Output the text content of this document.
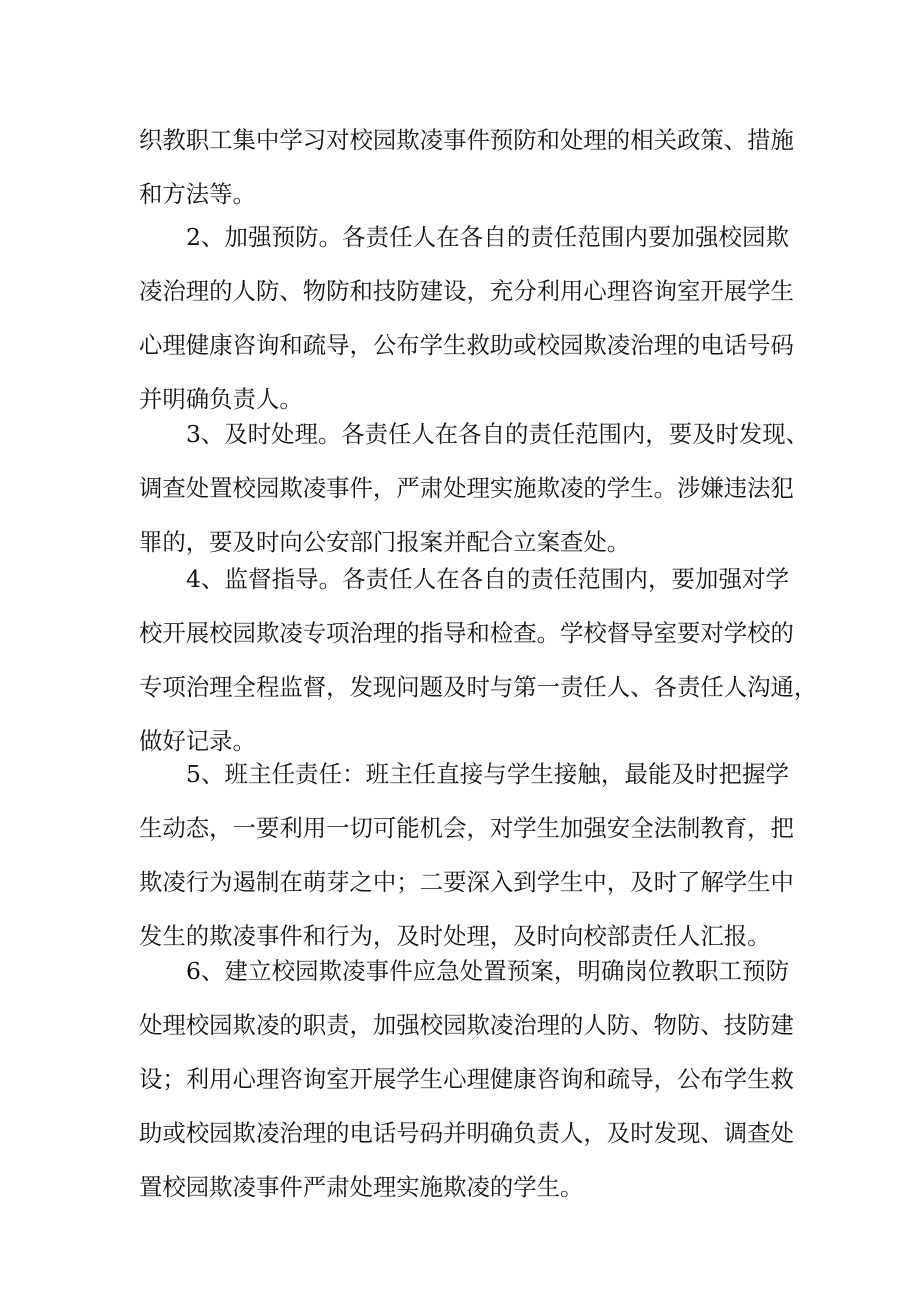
织教职工集中学习对校园欺凌事件预防和处理的相关政策、措施
和方法等。
2、加强预防。各责任人在各自的责任范围内要加强校园欺
凌治理的人防、物防和技防建设，充分利用心理咨询室开展学生
心理健康咨询和疏导，公布学生救助或校园欺凌治理的电话号码
并明确负责人。
3、及时处理。各责任人在各自的责任范围内，要及时发现、
调查处置校园欺凌事件，严肃处理实施欺凌的学生。涉嫌违法犯
罪的，要及时向公安部门报案并配合立案查处。
4、监督指导。各责任人在各自的责任范围内，要加强对学
校开展校园欺凌专项治理的指导和检查。学校督导室要对学校的
专项治理全程监督，发现问题及时与第一责任人、各责任人沟通，
做好记录。
5、班主任责任：班主任直接与学生接触，最能及时把握学
生动态，一要利用一切可能机会，对学生加强安全法制教育，把
欺凌行为遏制在萌芽之中；二要深入到学生中，及时了解学生中
发生的欺凌事件和行为，及时处理，及时向校部责任人汇报。
6、建立校园欺凌事件应急处置预案，明确岗位教职工预防
处理校园欺凌的职责，加强校园欺凌治理的人防、物防、技防建
设；利用心理咨询室开展学生心理健康咨询和疏导，公布学生救
助或校园欺凌治理的电话号码并明确负责人，及时发现、调查处
置校园欺凌事件严肃处理实施欺凌的学生。
